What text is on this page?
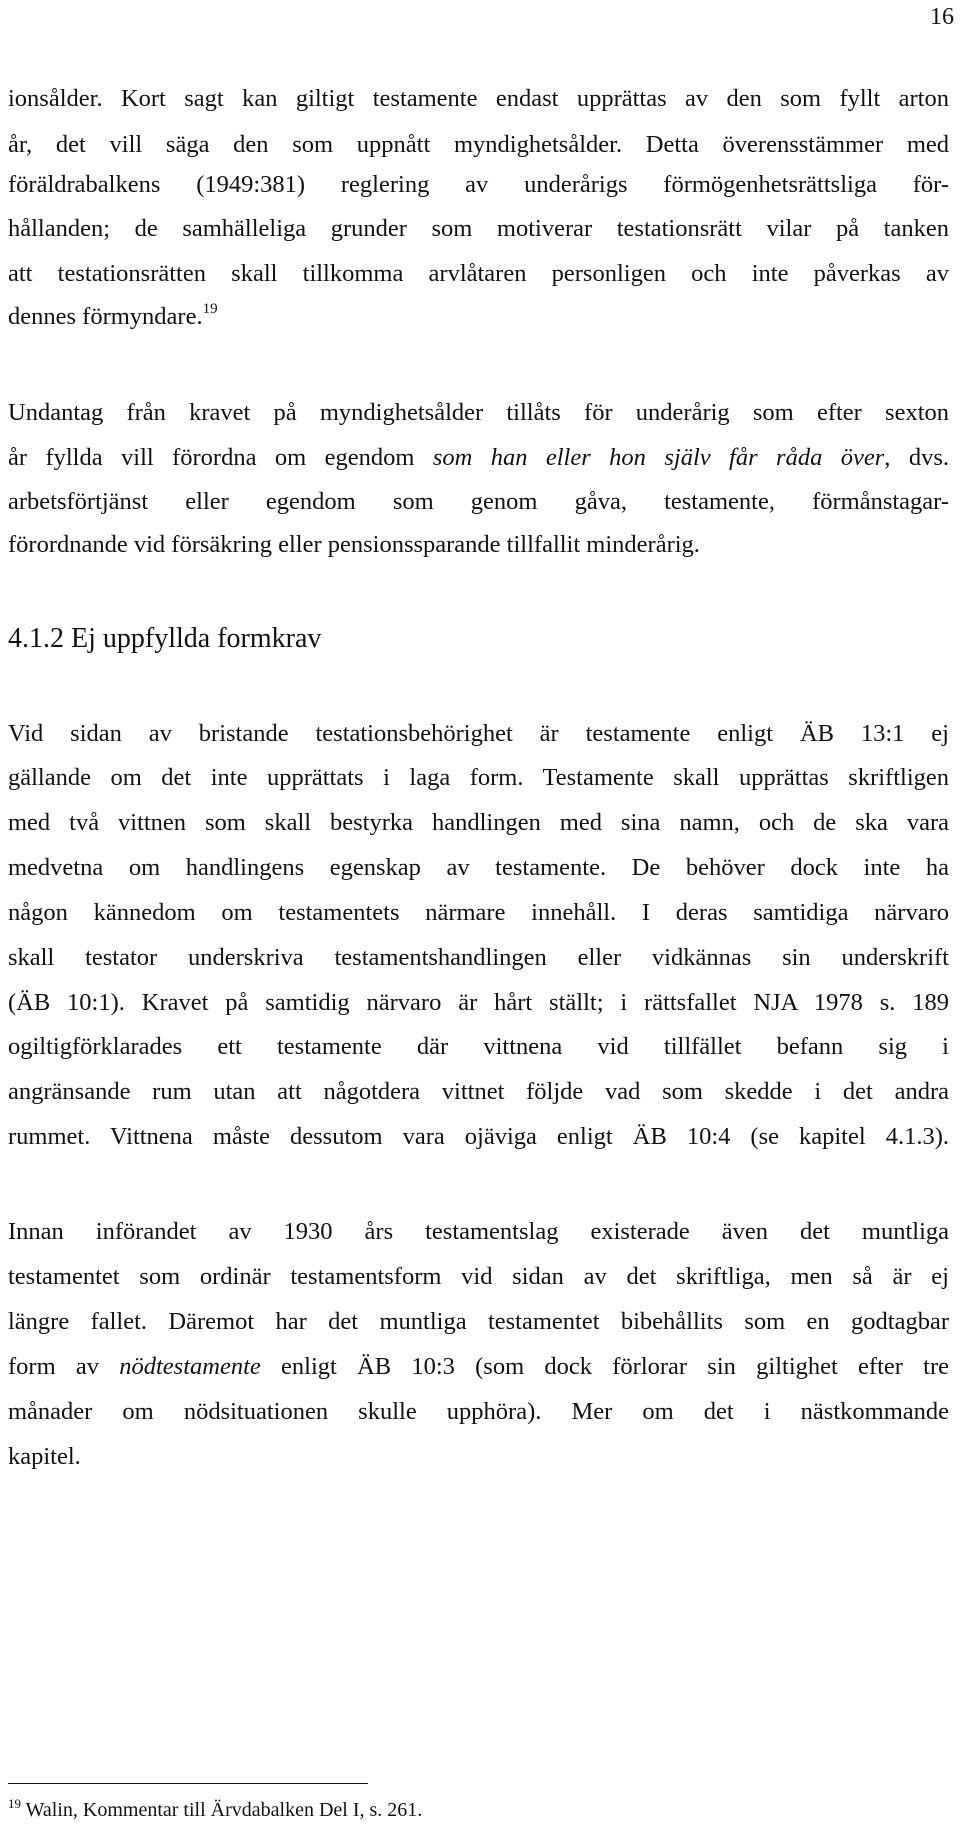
16
ionsålder. Kort sagt kan giltigt testamente endast upprättas av den som fyllt arton
år, det vill säga den som uppnått myndighetsålder. Detta överensstämmer med
föräldrabalkens (1949:381) reglering av underårigs förmögenhetsrättsliga för-
hållanden; de samhälleliga grunder som motiverar testationsrätt vilar på tanken
att testationsrätten skall tillkomma arvlåtaren personligen och inte påverkas av
dennes förmyndare.$^{19}$
Undantag från kravet på myndighetsålder tillåts för underårig som efter sexton
år fyllda vill förordna om egendom som han eller hon själv får råda över, dvs.
arbetsförtjänst eller egendom som genom gåva, testamente, förmånstagar-
förordnande vid försäkring eller pensionssparande tillfallit minderårig.
4.1.2 Ej uppfyllda formkrav
Vid sidan av bristande testationsbehörighet är testamente enligt ÄB 13:1 ej
gällande om det inte upprättats i laga form. Testamente skall upprättas skriftligen
med två vittnen som skall bestyrka handlingen med sina namn, och de ska vara
medvetna om handlingens egenskap av testamente. De behöver dock inte ha
någon kännedom om testamentets närmare innehåll. I deras samtidiga närvaro
skall testator underskriva testamentshandlingen eller vidkännas sin underskrift
(ÄB 10:1). Kravet på samtidig närvaro är hårt ställt; i rättsfallet NJA 1978 s. 189
ogiltigförklarades ett testamente där vittnena vid tillfället befann sig i
angränsande rum utan att någotdera vittnet följde vad som skedde i det andra
rummet. Vittnena måste dessutom vara ojäviga enligt ÄB 10:4 (se kapitel 4.1.3).
Innan införandet av 1930 års testamentslag existerade även det muntliga
testamentet som ordinär testamentsform vid sidan av det skriftliga, men så är ej
längre fallet. Däremot har det muntliga testamentet bibehållits som en godtagbar
form av nödtestamente enligt ÄB 10:3 (som dock förlorar sin giltighet efter tre
månader om nödsituationen skulle upphöra). Mer om det i nästkommande
kapitel.
$^{19}$ Walin, Kommentar till Ärvdabalken Del I, s. 261.
